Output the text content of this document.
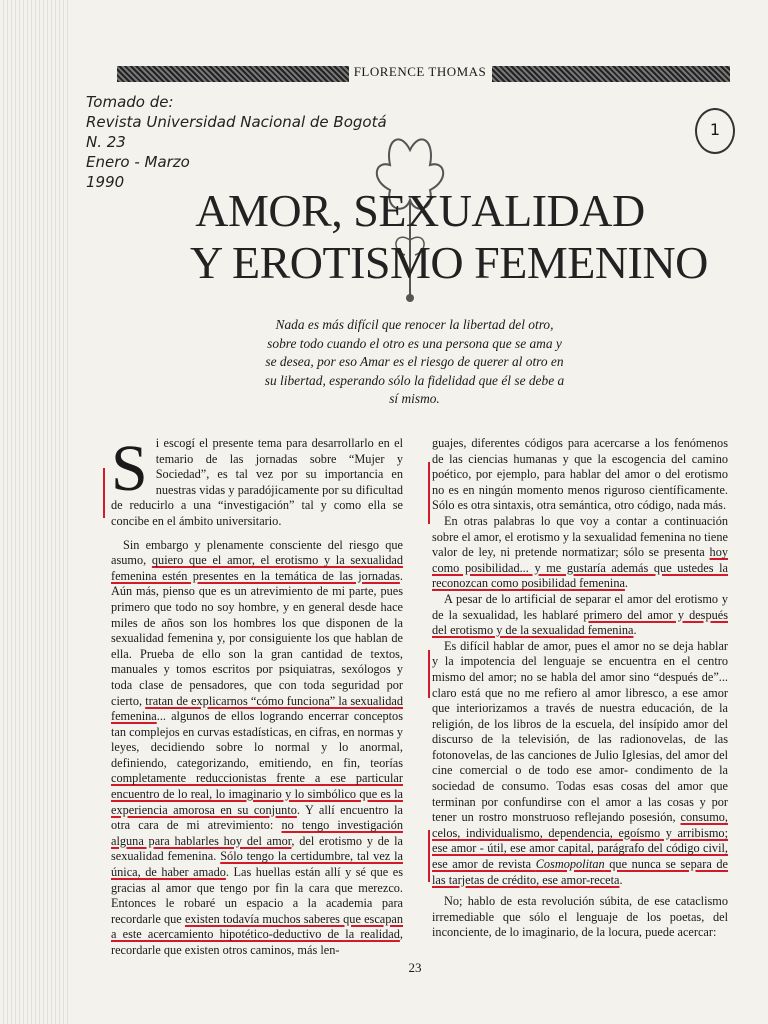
FLORENCE THOMAS
Tomado de:
Revista Universidad Nacional de Bogotá
N. 23
Enero - Marzo
1990
1
AMOR, SEXUALIDAD
Y EROTISMO FEMENINO
Nada es más difícil que renocer la libertad del otro, sobre todo cuando el otro es una persona que se ama y se desea, por eso Amar es el riesgo de querer al otro en su libertad, esperando sólo la fidelidad que él se debe a sí mismo.

Si escogí el presente tema para desarrollarlo en el temario de las jornadas sobre “Mujer y Sociedad”, es tal vez por su importancia en nuestras vidas y paradójicamente por su dificultad de reducirlo a una “investigación” tal y como ella se concibe en el ámbito universitario.

Sin embargo y plenamente consciente del riesgo que asumo, quiero que el amor, el erotismo y la sexualidad femenina estén presentes en la temática de las jornadas. Aún más, pienso que es un atrevimiento de mi parte, pues primero que todo no soy hombre, y en general desde hace miles de años son los hombres los que disponen de la sexualidad femenina y, por consiguiente los que hablan de ella. Prueba de ello son la gran cantidad de textos, manuales y tomos escritos por psiquiatras, sexólogos y toda clase de pensadores, que con toda seguridad por cierto, tratan de explicarnos “cómo funciona” la sexualidad femenina... algunos de ellos logrando encerrar conceptos tan complejos en curvas estadísticas, en cifras, en normas y leyes, decidiendo sobre lo normal y lo anormal, definiendo, categorizando, emitiendo, en fin, teorías completamente reduccionistas frente a ese particular encuentro de lo real, lo imaginario y lo simbólico que es la experiencia amorosa en su conjunto. Y allí encuentro la otra cara de mi atrevimiento: no tengo investigación alguna para hablarles hoy del amor, del erotismo y de la sexualidad femenina. Sólo tengo la certidumbre, tal vez la única, de haber amado. Las huellas están allí y sé que es gracias al amor que tengo por fin la cara que merezco. Entonces le robaré un espacio a la academia para recordarle que existen todavía muchos saberes que escapan a este acercamiento hipotético-deductivo de la realidad, recordarle que existen otros caminos, más len-

guajes, diferentes códigos para acercarse a los fenómenos de las ciencias humanas y que la escogencia del camino poético, por ejemplo, para hablar del amor o del erotismo no es en ningún momento menos riguroso científicamente. Sólo es otra sintaxis, otra semántica, otro código, nada más.

En otras palabras lo que voy a contar a continuación sobre el amor, el erotismo y la sexualidad femenina no tiene valor de ley, ni pretende normatizar; sólo se presenta hoy como posibilidad... y me gustaría además que ustedes la reconozcan como posibilidad femenina.

A pesar de lo artificial de separar el amor del erotismo y de la sexualidad, les hablaré primero del amor y después del erotismo y de la sexualidad femenina.

Es difícil hablar de amor, pues el amor no se deja hablar y la impotencia del lenguaje se encuentra en el centro mismo del amor; no se habla del amor sino “después de”... claro está que no me refiero al amor libresco, a ese amor que interiorizamos a través de nuestra educación, de la religión, de los libros de la escuela, del insípido amor del discurso de la televisión, de las radionovelas, de las fotonovelas, de las canciones de Julio Iglesias, del amor del cine comercial o de todo ese amor- condimento de la sociedad de consumo. Todas esas cosas del amor que terminan por confundirse con el amor a las cosas y por tener un rostro monstruoso reflejando posesión, consumo, celos, individualismo, dependencia, egoísmo y arribismo; ese amor - útil, ese amor capital, parágrafo del código civil, ese amor de revista Cosmopolitan que nunca se separa de las tarjetas de crédito, ese amor-receta.

No; hablo de esta revolución súbita, de ese cataclismo irremediable que sólo el lenguaje de los poetas, del inconciente, de lo imaginario, de la locura, puede acercar:

23
